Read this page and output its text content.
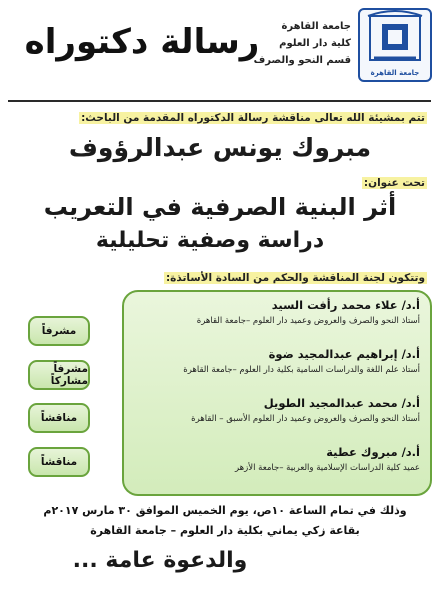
جامعة القاهرة
جامعة القاهرة
كلية دار العلوم
قسم النحو والصرف
رسالة دكتوراه
تتم بمشيئة الله تعالى مناقشة رسالة الدكتوراه المقدمة من الباحث:
مبروك يونس عبدالرؤوف
تحت عنوان:
أثر البنية الصرفية في التعريب
دراسة وصفية تحليلية
وتتكون لجنة المناقشة والحكم من السادة الأساتذة:
أ.د/ علاء محمد رأفت السيد
أستاذ النحو والصرف والعروض وعميد دار العلوم –جامعة القاهرة
أ.د/ إبراهيم عبدالمجيد ضوة
أستاذ علم اللغة والدراسات السامية بكلية دار العلوم –جامعة القاهرة
أ.د/ محمد عبدالمجيد الطويل
أستاذ النحو والصرف والعروض وعميد دار العلوم الأسبق – القاهرة
أ.د/ مبروك عطية
عميد كلية الدراسات الإسلامية والعربية –جامعة الأزهر
مشرفاً
مشرفاً مشاركاً
مناقشاً
مناقشاً
وذلك في تمام الساعة ١٠ص، يوم الخميس الموافق ٣٠ مارس ٢٠١٧م
بقاعة زكي يماني بكلية دار العلوم – جامعة القاهرة
والدعوة عامة ...
